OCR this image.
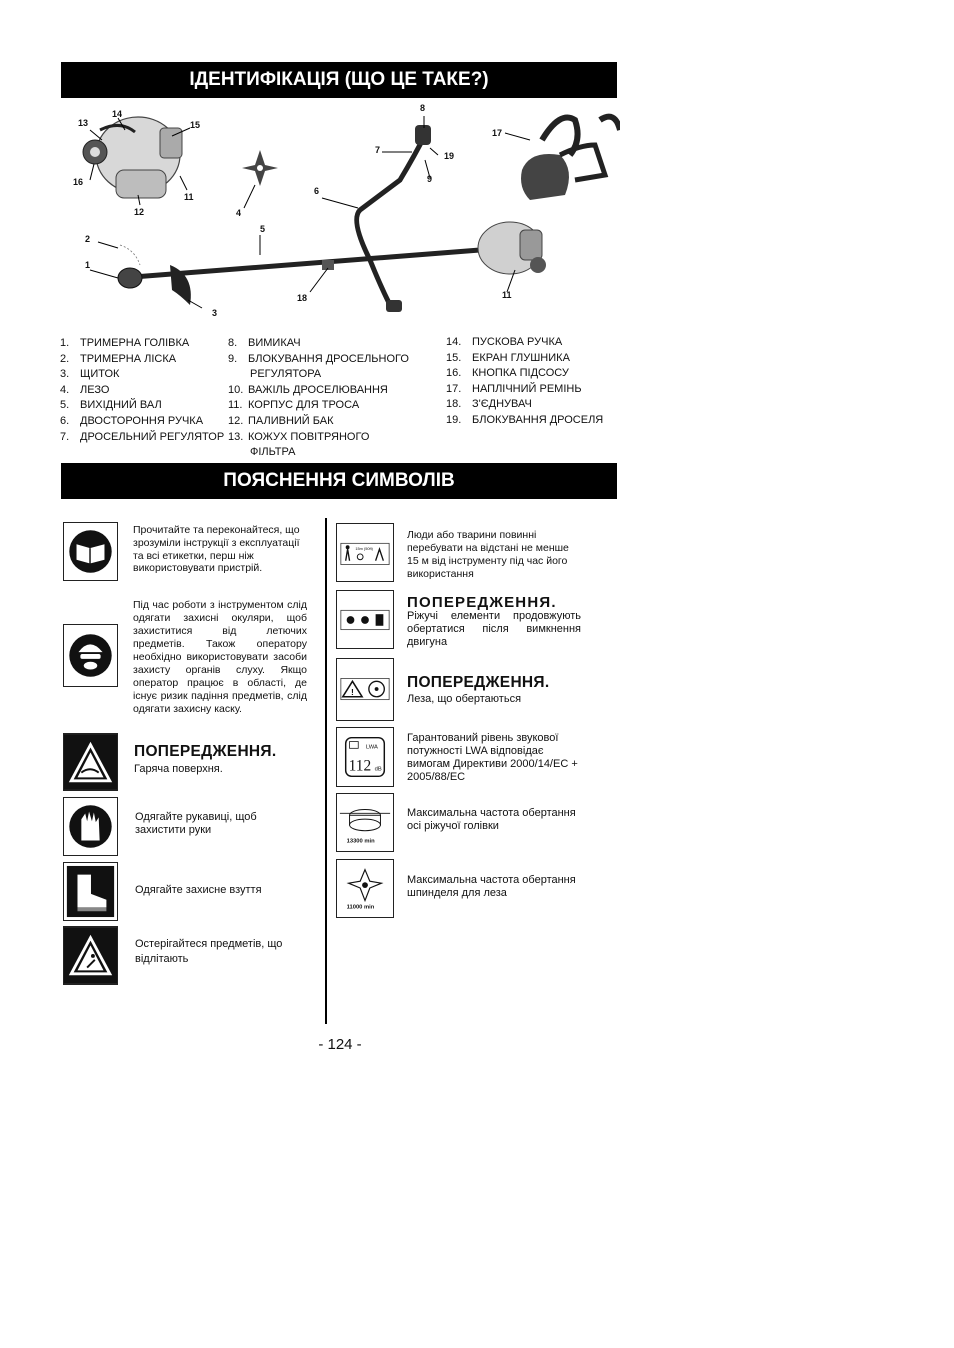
ІДЕНТИФІКАЦІЯ (ЩО ЦЕ ТАКЕ?)
1
2
3
4
5
6
7
8
9
11
11
12
13
14
15
16
17
18
19
1. ТРИМЕРНА ГОЛІВКА
2. ТРИМЕРНА ЛІСКА
3. ЩИТОК
4. ЛЕЗО
5. ВИХІДНИЙ ВАЛ
6. ДВОСТОРОННЯ РУЧКА
7. ДРОСЕЛЬНИЙ РЕГУЛЯТОР
8. ВИМИКАЧ
9. БЛОКУВАННЯ ДРОСЕЛЬНОГО
РЕГУЛЯТОРА
10. ВАЖІЛЬ ДРОСЕЛЮВАННЯ
11. КОРПУС ДЛЯ ТРОСА
12. ПАЛИВНИЙ БАК
13. КОЖУХ ПОВІТРЯНОГО
ФІЛЬТРА
14. ПУСКОВА РУЧКА
15. ЕКРАН ГЛУШНИКА
16. КНОПКА ПІДСОСУ
17. НАПЛІЧНИЙ РЕМІНЬ
18. З'ЄДНУВАЧ
19. БЛОКУВАННЯ ДРОСЕЛЯ
ПОЯСНЕННЯ СИМВОЛІВ
Прочитайте та переконайтеся, що зрозуміли інструкції з експлуатації та всі етикетки, перш ніж використовувати пристрій.
Під час роботи з інструментом слід одягати захисні окуляри, щоб захиститися від летючих предметів. Також оператору необхідно використовувати засоби захисту органів слуху. Якщо оператор працює в області, де існує ризик падіння предметів, слід одягати захисну каску.
ПОПЕРЕДЖЕННЯ.
Гаряча поверхня.
Одягайте рукавиці, щоб захистити руки
Одягайте захисне взуття
Остерігайтеся предметів, що відлітають
15m (50ft)
Люди або тварини повинні перебувати на відстані не менше 15 м від інструменту під час його використання
ПОПЕРЕДЖЕННЯ.
Ріжучі елементи продовжують обертатися після вимкнення двигуна
!
ПОПЕРЕДЖЕННЯ.
Леза, що обертаються
LWA
112 dB
Гарантований рівень звукової потужності LWA відповідає вимогам Директиви 2000/14/EC + 2005/88/EC
13300 min
Максимальна частота обертання осі ріжучої голівки
11000 min
Максимальна частота обертання шпинделя для леза
- 124 -
